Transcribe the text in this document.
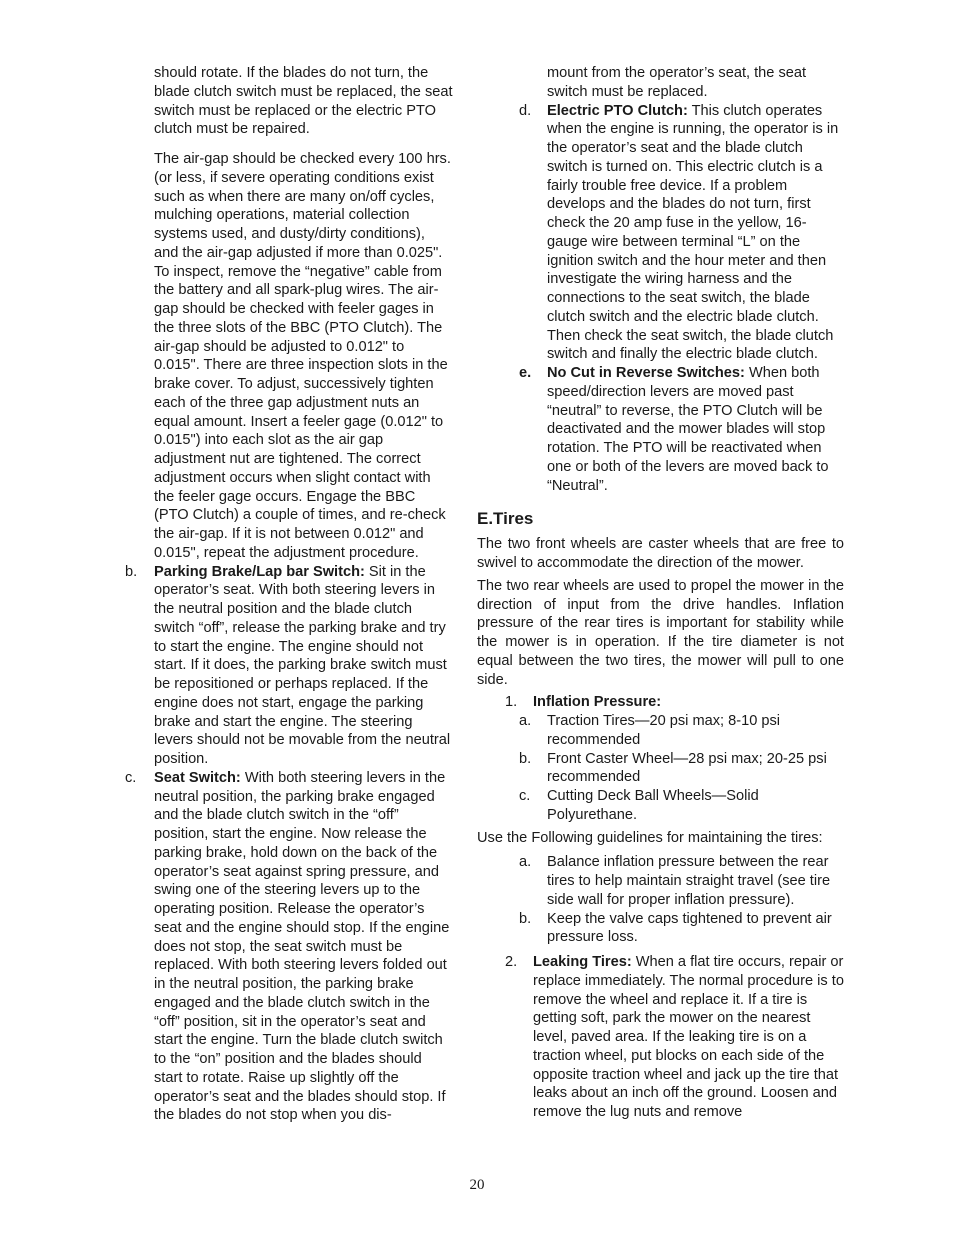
should rotate. If the blades do not turn, the blade clutch switch must be replaced, the seat switch must be replaced or the electric PTO clutch must be repaired.

The air-gap should be checked every 100 hrs. (or less, if severe operating conditions exist such as when there are many on/off cycles, mulching operations, material collection systems used, and dusty/dirty conditions), and the air-gap adjusted if more than 0.025". To inspect, remove the “negative” cable from the battery and all spark-plug wires. The air-gap should be checked with feeler gages in the three slots of the BBC (PTO Clutch). The air-gap should be adjusted to 0.012" to 0.015". There are three inspection slots in the brake cover. To adjust, successively tighten each of the three gap adjustment nuts an equal amount. Insert a feeler gage (0.012" to 0.015") into each slot as the air gap adjustment nut are tightened. The correct adjustment occurs when slight contact with the feeler gage occurs. Engage the BBC (PTO Clutch) a couple of times, and re-check the air-gap. If it is not between 0.012" and 0.015", repeat the adjustment procedure.

b. Parking Brake/Lap bar Switch: Sit in the operator’s seat. With both steering levers in the neutral position and the blade clutch switch “off”, release the parking brake and try to start the engine. The engine should not start. If it does, the parking brake switch must be repositioned or perhaps replaced. If the engine does not start, engage the parking brake and start the engine. The steering levers should not be movable from the neutral position.
c. Seat Switch: With both steering levers in the neutral position, the parking brake engaged and the blade clutch switch in the “off” position, start the engine. Now release the parking brake, hold down on the back of the operator’s seat against spring pressure, and swing one of the steering levers up to the operating position. Release the operator’s seat and the engine should stop. If the engine does not stop, the seat switch must be replaced. With both steering levers folded out in the neutral position, the parking brake engaged and the blade clutch switch in the “off” position, sit in the operator’s seat and start the engine. Turn the blade clutch switch to the “on” position and the blades should start to rotate. Raise up slightly off the operator’s seat and the blades should stop. If the blades do not stop when you dis-

mount from the operator’s seat, the seat switch must be replaced.

d. Electric PTO Clutch: This clutch operates when the engine is running, the operator is in the operator’s seat and the blade clutch switch is turned on. This electric clutch is a fairly trouble free device. If a problem develops and the blades do not turn, first check the 20 amp fuse in the yellow, 16-gauge wire between terminal “L” on the ignition switch and the hour meter and then investigate the wiring harness and the connections to the seat switch, the blade clutch switch and the electric blade clutch. Then check the seat switch, the blade clutch switch and finally the electric blade clutch.
e. No Cut in Reverse Switches: When both speed/direction levers are moved past “neutral” to reverse, the PTO Clutch will be deactivated and the mower blades will stop rotation. The PTO will be reactivated when one or both of the levers are moved back to “Neutral”.
E.Tires

The two front wheels are caster wheels that are free to swivel to accommodate the direction of the mower.

The two rear wheels are used to propel the mower in the direction of input from the drive handles. Inflation pressure of the rear tires is important for stability while the mower is in operation. If the tire diameter is not equal between the two tires, the mower will pull to one side.

1. Inflation Pressure:
a. Traction Tires—20 psi max; 8-10 psi recommended
b. Front Caster Wheel—28 psi max; 20-25 psi recommended
c. Cutting Deck Ball Wheels—Solid Polyurethane.

Use the Following guidelines for maintaining the tires:

a. Balance inflation pressure between the rear tires to help maintain straight travel (see tire side wall for proper inflation pressure).
b. Keep the valve caps tightened to prevent air pressure loss.
2. Leaking Tires: When a flat tire occurs, repair or replace immediately. The normal procedure is to remove the wheel and replace it. If a tire is getting soft, park the mower on the nearest level, paved area. If the leaking tire is on a traction wheel, put blocks on each side of the opposite traction wheel and jack up the tire that leaks about an inch off the ground. Loosen and remove the lug nuts and remove
20
